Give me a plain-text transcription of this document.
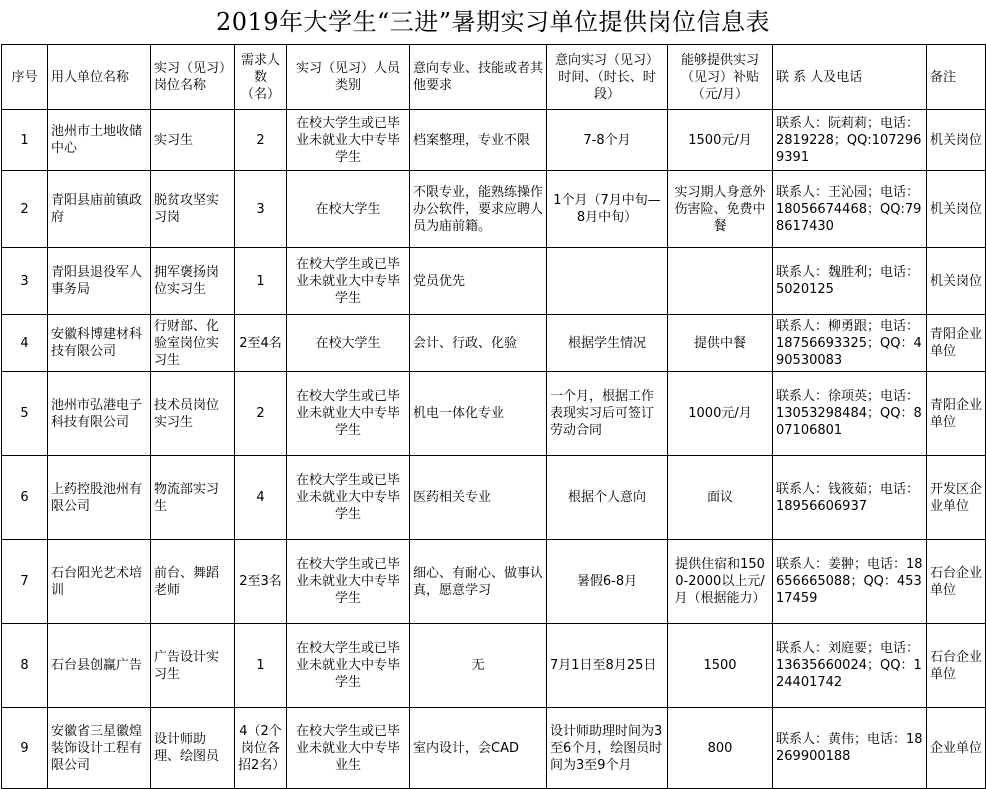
2019年大学生“三进”暑期实习单位提供岗位信息表
序号	用人单位名称	实习（见习）岗位名称	需求人数（名）	实习（见习）人员类别	意向专业、技能或者其他要求	意向实习（见习）时间、（时长、时段）	能够提供实习（见习）补贴（元/月）	联 系 人及电话	备注
1	池州市土地收储中心	实习生	2	在校大学生或已毕业未就业大中专毕学生	档案整理，专业不限	7-8个月	1500元/月	联系人：阮莉莉；电话：2819228；QQ:1072969391	机关岗位
2	青阳县庙前镇政府	脱贫攻坚实习岗	3	在校大学生	不限专业，能熟练操作办公软件，要求应聘人员为庙前籍。	1个月（7月中旬—8月中旬）	实习期人身意外伤害险、免费中餐	联系人：王沁园；电话：18056674468；QQ:798617430	机关岗位
3	青阳县退役军人事务局	拥军褒扬岗位实习生	1	在校大学生或已毕业未就业大中专毕学生	党员优先			联系人：魏胜利；电话：5020125	机关岗位
4	安徽科博建材科技有限公司	行财部、化验室岗位实习生	2至4名	在校大学生	会计、行政、化验	根据学生情况	提供中餐	联系人：柳勇跟；电话：18756693325；QQ：490530083	青阳企业单位
5	池州市弘港电子科技有限公司	技术员岗位实习生	2	在校大学生或已毕业未就业大中专毕学生	机电一体化专业	一个月，根据工作表现实习后可签订劳动合同	1000元/月	联系人：徐项英；电话：13053298484；QQ：807106801	青阳企业单位
6	上药控股池州有限公司	物流部实习生	4	在校大学生或已毕业未就业大中专毕学生	医药相关专业	根据个人意向	面议	联系人：钱筱茹；电话：18956606937	开发区企业单位
7	石台阳光艺术培训	前台、舞蹈老师	2至3名	在校大学生或已毕业未就业大中专毕学生	细心、有耐心、做事认真，愿意学习	暑假6-8月	提供住宿和1500-2000以上元/月（根据能力）	联系人：姜翀；电话：18656665088；QQ：45317459	石台企业单位
8	石台县创赢广告	广告设计实习生	1	在校大学生或已毕业未就业大中专毕学生	无	7月1日至8月25日	1500	联系人：刘庭要；电话：13635660024；QQ：124401742	石台企业单位
9	安徽省三星徽煌装饰设计工程有限公司	设计师助理、绘图员	4（2个岗位各招2名）	在校大学生或已毕业未就业大中专毕业生	室内设计，会CAD	设计师助理时间为3至6个月，绘图员时间为3至9个月	800	联系人：黄伟；电话：18269900188	企业单位
